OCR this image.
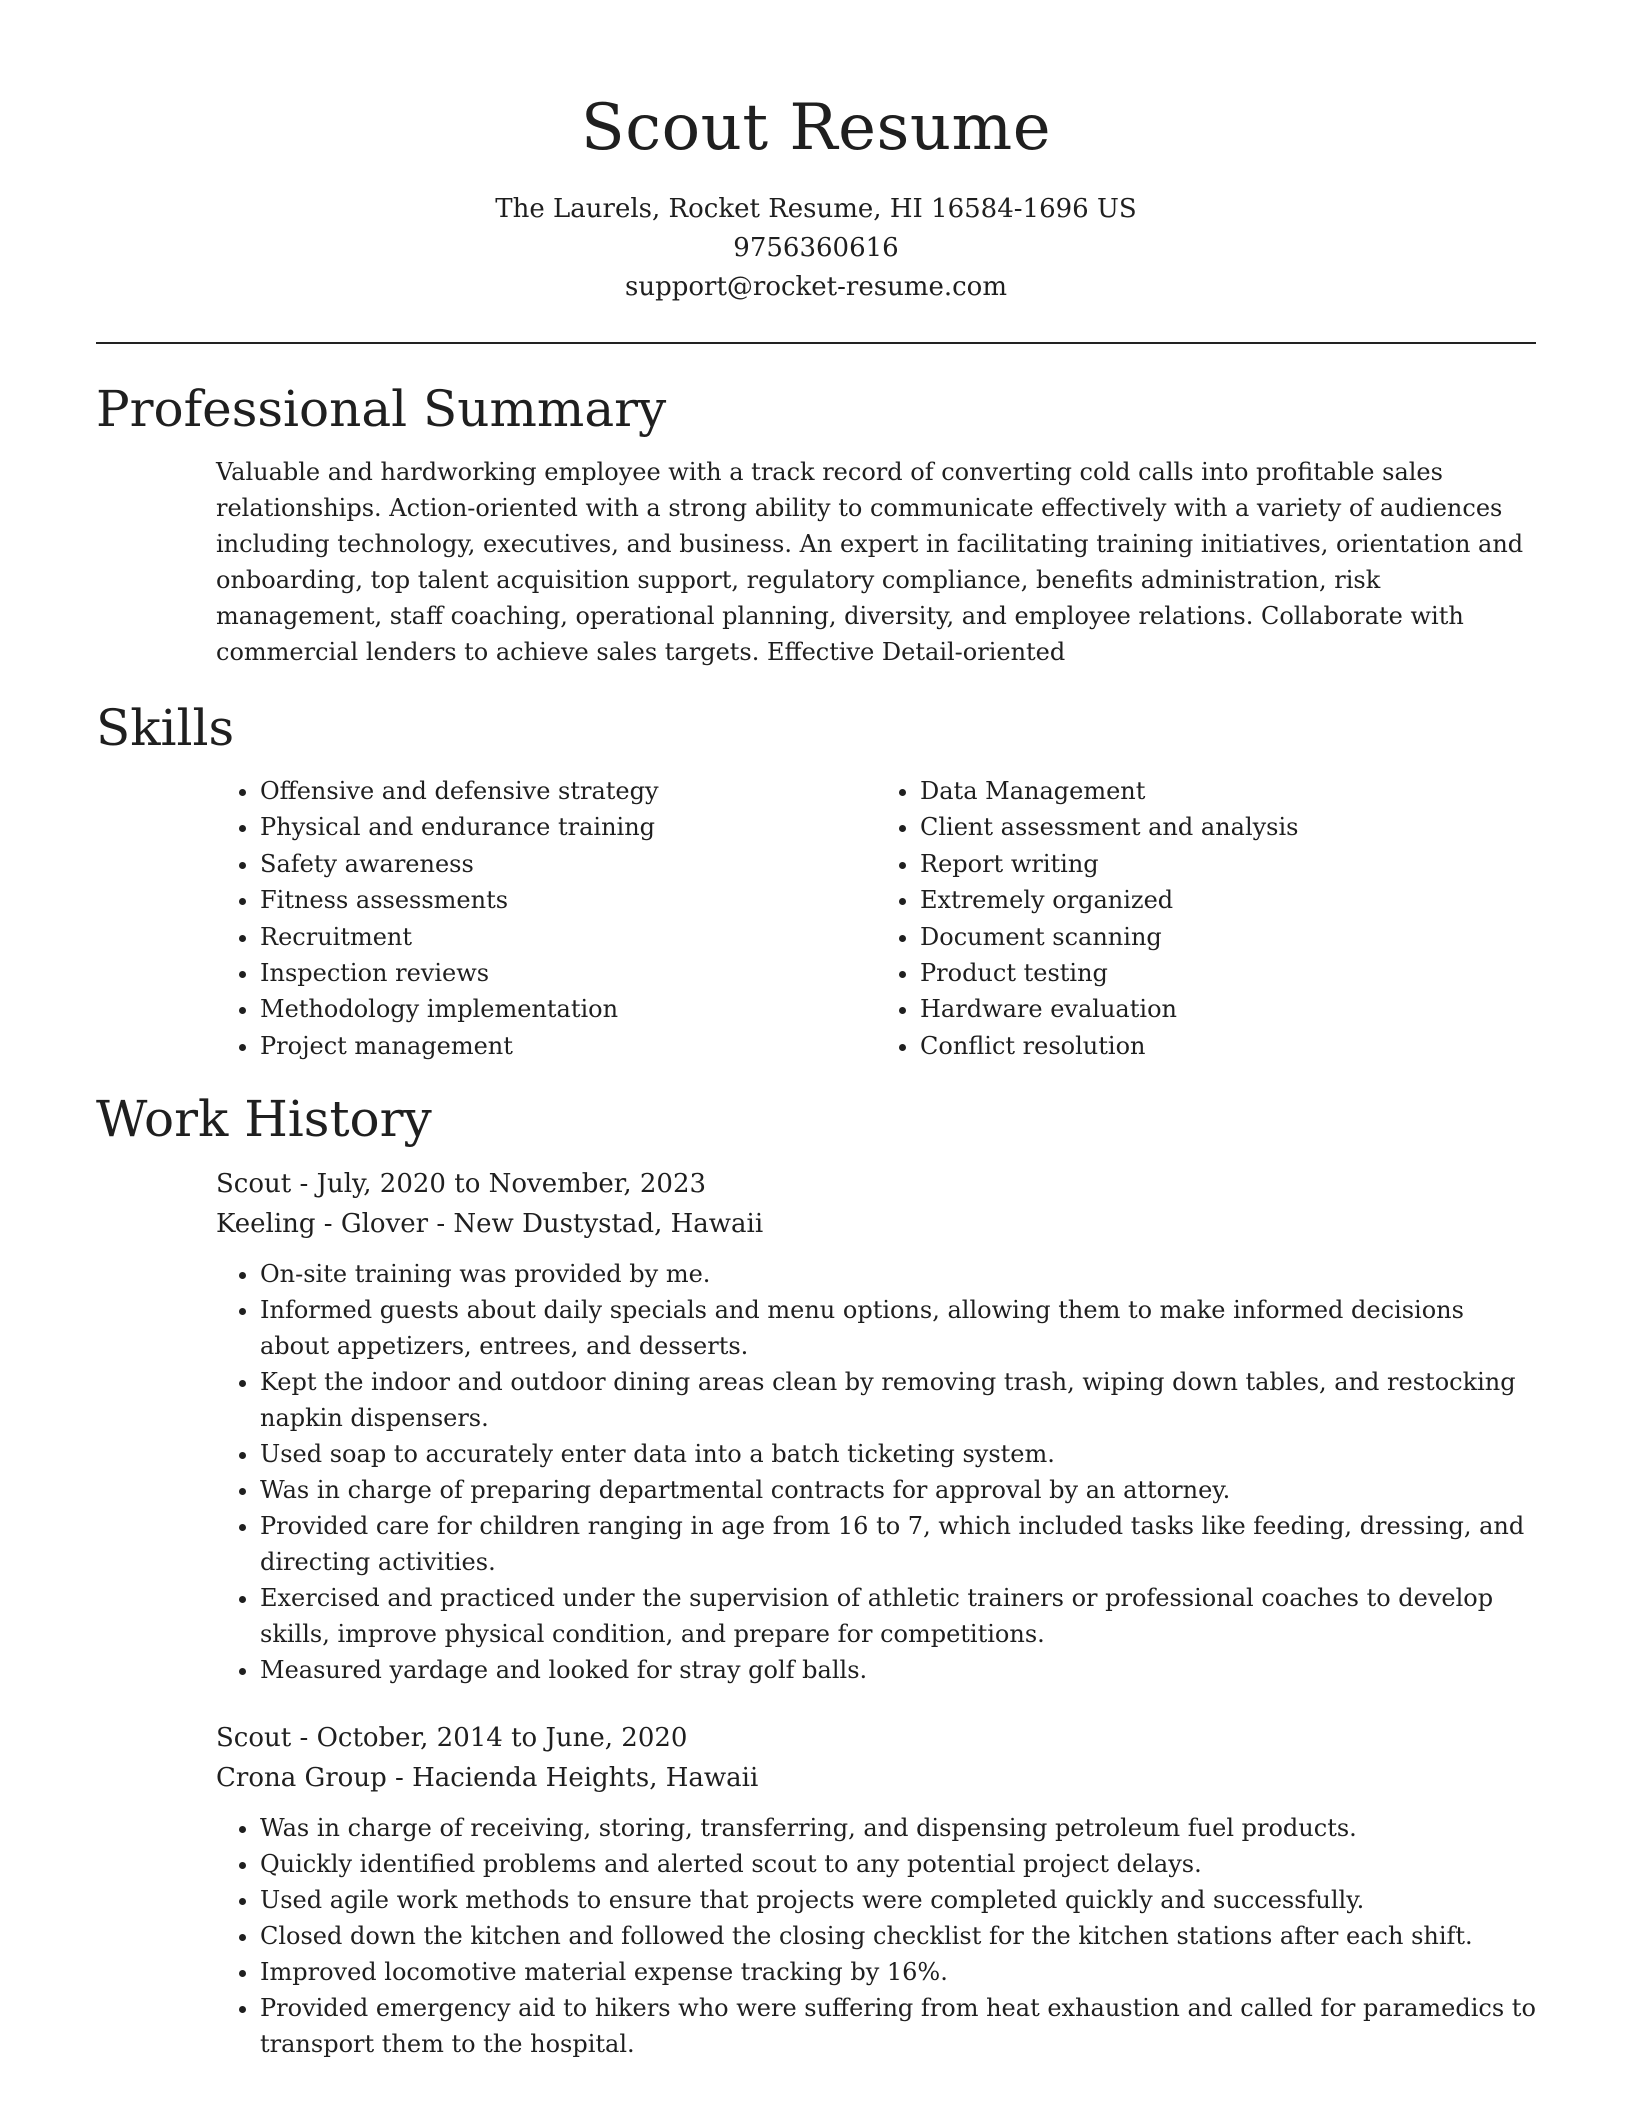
Scout Resume
The Laurels, Rocket Resume, HI 16584-1696 US
9756360616
support@rocket-resume.com
Professional Summary
Valuable and hardworking employee with a track record of converting cold calls into profitable sales relationships. Action-oriented with a strong ability to communicate effectively with a variety of audiences including technology, executives, and business. An expert in facilitating training initiatives, orientation and onboarding, top talent acquisition support, regulatory compliance, benefits administration, risk management, staff coaching, operational planning, diversity, and employee relations. Collaborate with commercial lenders to achieve sales targets. Effective Detail-oriented
Skills
• Offensive and defensive strategy
• Physical and endurance training
• Safety awareness
• Fitness assessments
• Recruitment
• Inspection reviews
• Methodology implementation
• Project management
• Data Management
• Client assessment and analysis
• Report writing
• Extremely organized
• Document scanning
• Product testing
• Hardware evaluation
• Conflict resolution
Work History
Scout - July, 2020 to November, 2023
Keeling - Glover - New Dustystad, Hawaii
• On-site training was provided by me.
• Informed guests about daily specials and menu options, allowing them to make informed decisions about appetizers, entrees, and desserts.
• Kept the indoor and outdoor dining areas clean by removing trash, wiping down tables, and restocking napkin dispensers.
• Used soap to accurately enter data into a batch ticketing system.
• Was in charge of preparing departmental contracts for approval by an attorney.
• Provided care for children ranging in age from 16 to 7, which included tasks like feeding, dressing, and directing activities.
• Exercised and practiced under the supervision of athletic trainers or professional coaches to develop skills, improve physical condition, and prepare for competitions.
• Measured yardage and looked for stray golf balls.
Scout - October, 2014 to June, 2020
Crona Group - Hacienda Heights, Hawaii
• Was in charge of receiving, storing, transferring, and dispensing petroleum fuel products.
• Quickly identified problems and alerted scout to any potential project delays.
• Used agile work methods to ensure that projects were completed quickly and successfully.
• Closed down the kitchen and followed the closing checklist for the kitchen stations after each shift.
• Improved locomotive material expense tracking by 16%.
• Provided emergency aid to hikers who were suffering from heat exhaustion and called for paramedics to transport them to the hospital.
